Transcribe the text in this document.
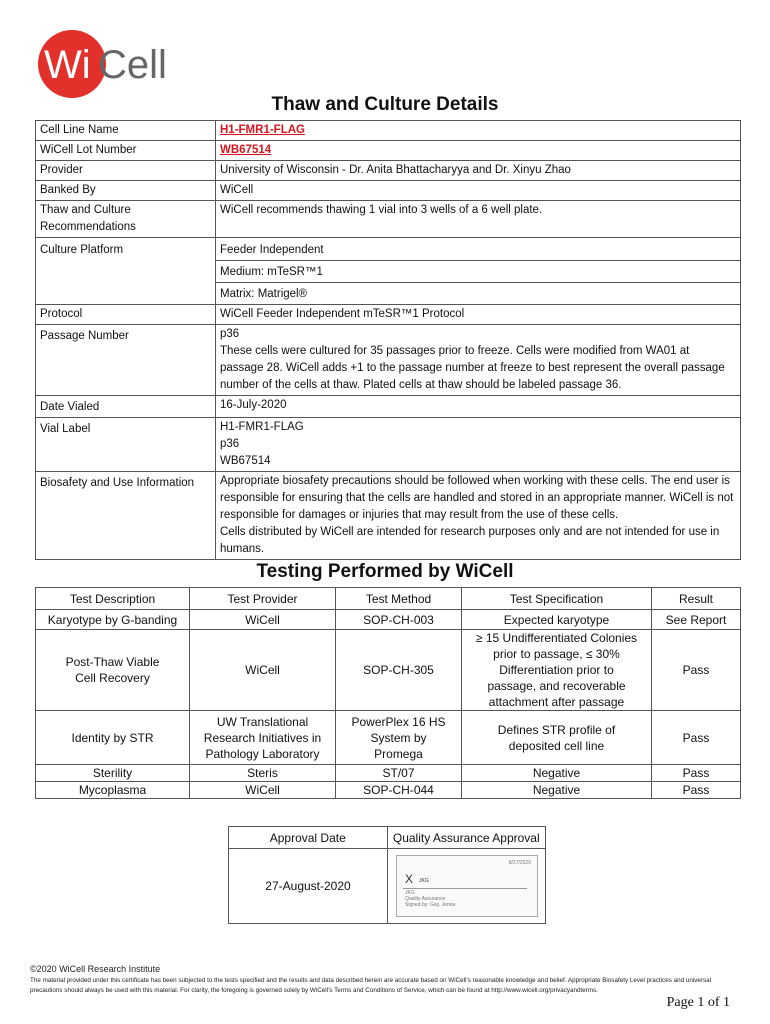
Wi Cell
Thaw and Culture Details
Cell Line Name	H1-FMR1-FLAG
WiCell Lot Number	WB67514
Provider	University of Wisconsin - Dr. Anita Bhattacharyya and Dr. Xinyu Zhao
Banked By	WiCell
Thaw and Culture Recommendations	WiCell recommends thawing 1 vial into 3 wells of a 6 well plate.
Culture Platform	Feeder Independent
	Medium: mTeSR™1
	Matrix: Matrigel®
Protocol	WiCell Feeder Independent mTeSR™1 Protocol
Passage Number	p36
These cells were cultured for 35 passages prior to freeze. Cells were modified from WA01 at passage 28. WiCell adds +1 to the passage number at freeze to best represent the overall passage number of the cells at thaw. Plated cells at thaw should be labeled passage 36.

Date Vialed	16-July-2020
Vial Label	H1-FMR1-FLAG
p36
WB67514

Biosafety and Use Information	Appropriate biosafety precautions should be followed when working with these cells. The end user is responsible for ensuring that the cells are handled and stored in an appropriate manner. WiCell is not responsible for damages or injuries that may result from the use of these cells.
Cells distributed by WiCell are intended for research purposes only and are not intended for use in humans.
Testing Performed by WiCell
Test Description	Test Provider	Test Method	Test Specification	Result
Karyotype by G-banding	WiCell	SOP-CH-003	Expected karyotype	See Report
Post-Thaw Viable Cell Recovery	WiCell	SOP-CH-305	≥ 15 Undifferentiated Colonies prior to passage, ≤ 30% Differentiation prior to passage, and recoverable attachment after passage	Pass
Identity by STR	UW Translational Research Initiatives in Pathology Laboratory	PowerPlex 16 HS System by Promega	Defines STR profile of deposited cell line	Pass
Sterility	Steris	ST/07	Negative	Pass
Mycoplasma	WiCell	SOP-CH-044	Negative	Pass
Approval Date	Quality Assurance Approval
27-August-2020
8/27/2020
X JKG
JKG
Quality Assurance
Signed by: Gay, Jenna
©2020 WiCell Research Institute
The material provided under this certificate has been subjected to the tests specified and the results and data described herein are accurate based on WiCell’s reasonable knowledge and belief. Appropriate Biosafety Level practices and universal precautions should always be used with this material. For clarity, the foregoing is governed solely by WiCell’s Terms and Conditions of Service, which can be found at http://www.wicell.org/privacyandterms.
Page 1 of 1
